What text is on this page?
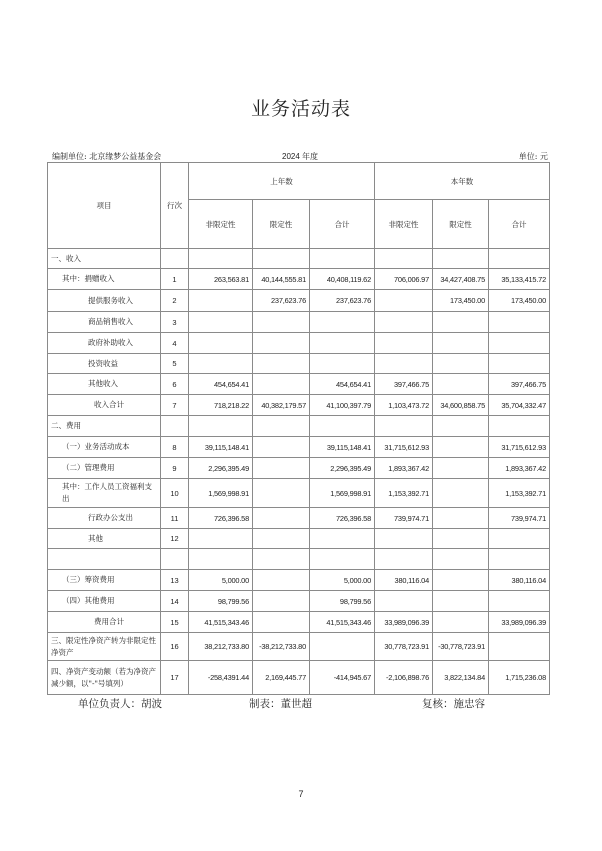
业务活动表
编制单位: 北京缘梦公益基金会	2024 年度	单位: 元
项目	行次	上年数			本年数		
		非限定性	限定性	合计	非限定性	限定性	合计
一、收入							
其中：捐赠收入	1	263,563.81	40,144,555.81	40,408,119.62	706,006.97	34,427,408.75	35,133,415.72
提供服务收入	2		237,623.76	237,623.76		173,450.00	173,450.00
商品销售收入	3						
政府补助收入	4						
投资收益	5						
其他收入	6	454,654.41		454,654.41	397,466.75		397,466.75
收入合计	7	718,218.22	40,382,179.57	41,100,397.79	1,103,473.72	34,600,858.75	35,704,332.47
二、费用							
（一）业务活动成本	8	39,115,148.41		39,115,148.41	31,715,612.93		31,715,612.93
（二）管理费用	9	2,296,395.49		2,296,395.49	1,893,367.42		1,893,367.42
其中：工作人员工资福利支出	10	1,569,998.91		1,569,998.91	1,153,392.71		1,153,392.71
行政办公支出	11	726,396.58		726,396.58	739,974.71		739,974.71
其他	12						

（三）筹资费用	13	5,000.00		5,000.00	380,116.04		380,116.04
（四）其他费用	14	98,799.56		98,799.56			
费用合计	15	41,515,343.46		41,515,343.46	33,989,096.39		33,989,096.39
三、限定性净资产转为非限定性净资产	16	38,212,733.80	-38,212,733.80		30,778,723.91	-30,778,723.91	
四、净资产变动额（若为净资产减少额，以"-"号填列）	17	-258,4391.44	2,169,445.77	-414,945.67	-2,106,898.76	3,822,134.84	1,715,236.08
单位负责人：胡波	制表：董世超	复核：施忠容
7
